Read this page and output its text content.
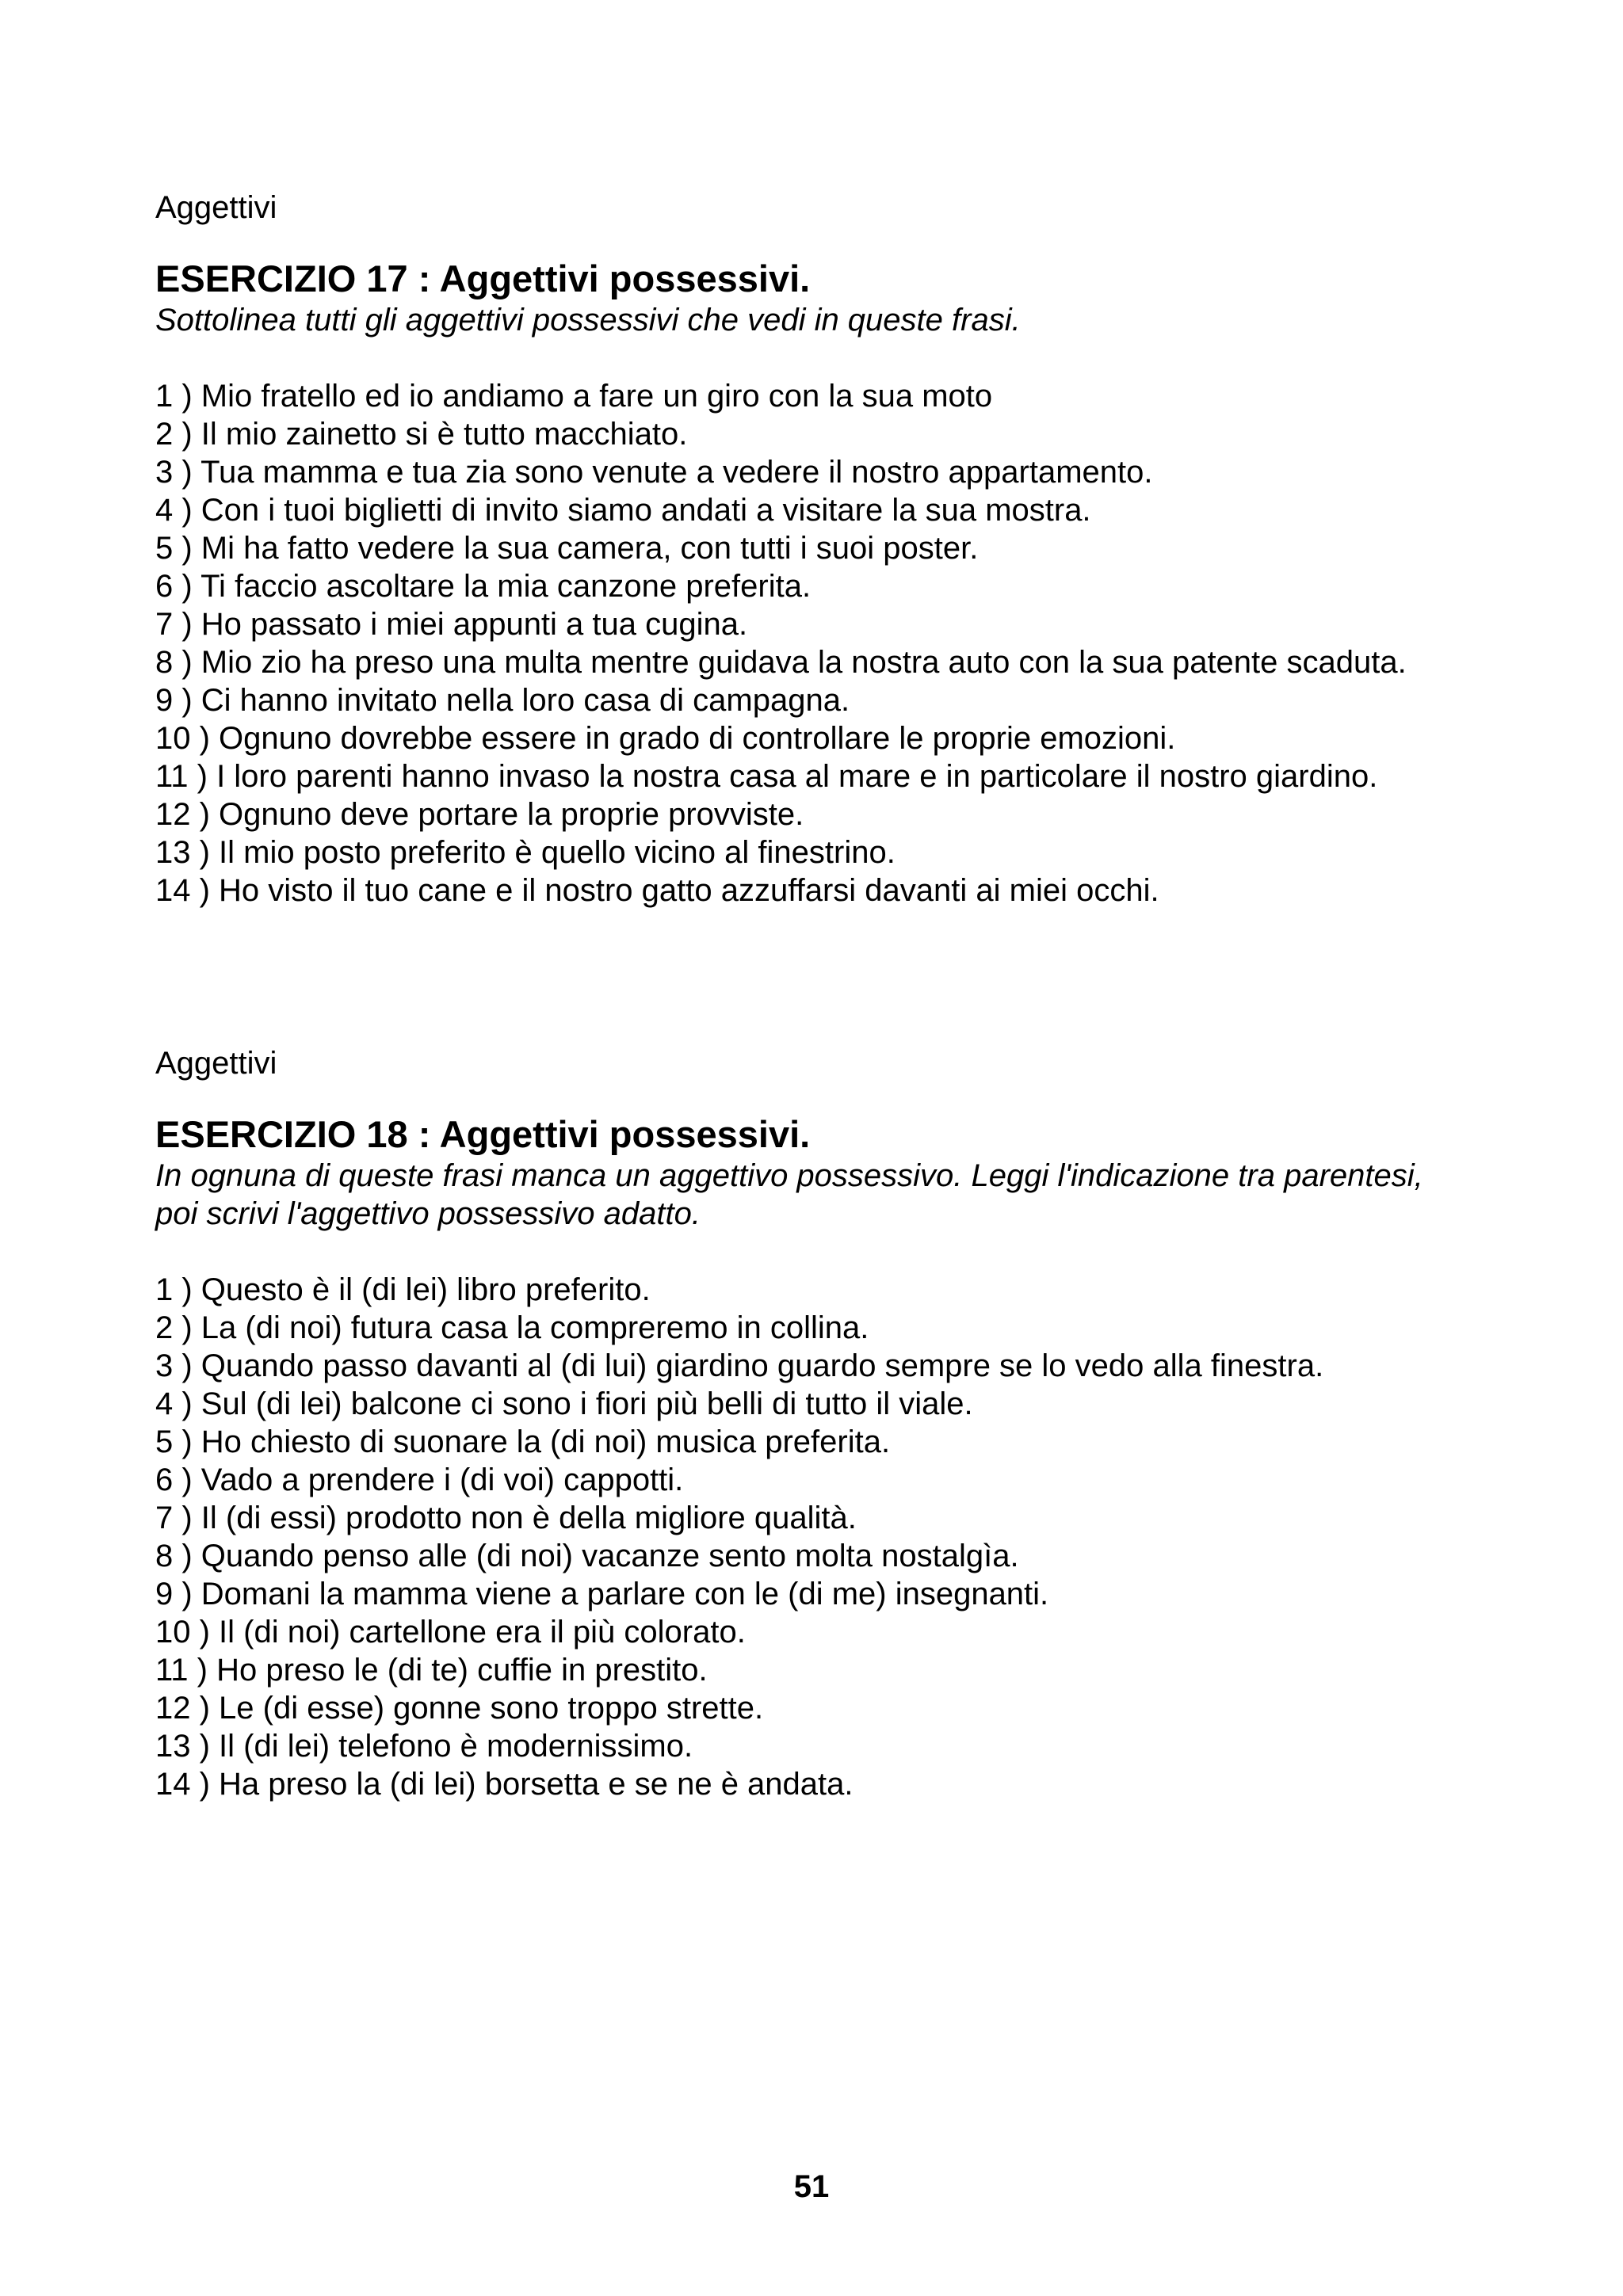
Aggettivi

ESERCIZIO 17 : Aggettivi possessivi.

Sottolinea tutti gli aggettivi possessivi che vedi in queste frasi.

1 ) Mio fratello ed io andiamo a fare un giro con la sua moto
2 ) Il mio zainetto si è tutto macchiato.
3 ) Tua mamma e tua zia sono venute a vedere il nostro appartamento.
4 ) Con i tuoi biglietti di invito siamo andati a visitare la sua mostra.
5 ) Mi ha fatto vedere la sua camera, con tutti i suoi poster.
6 ) Ti faccio ascoltare la mia canzone preferita.
7 ) Ho passato i miei appunti a tua cugina.
8 ) Mio zio ha preso una multa mentre guidava la nostra auto con la sua patente scaduta.
9 ) Ci hanno invitato nella loro casa di campagna.
10 ) Ognuno dovrebbe essere in grado di controllare le proprie emozioni.
11 ) I loro parenti hanno invaso la nostra casa al mare e in particolare il nostro giardino.
12 ) Ognuno deve portare la proprie provviste.
13 ) Il mio posto preferito è quello vicino al finestrino.
14 ) Ho visto il tuo cane e il nostro gatto azzuffarsi davanti ai miei occhi.

Aggettivi

ESERCIZIO 18 : Aggettivi possessivi.

In ognuna di queste frasi manca un aggettivo possessivo. Leggi l'indicazione tra parentesi,

poi scrivi l'aggettivo possessivo adatto.

1 ) Questo è il (di lei) libro preferito.
2 ) La (di noi) futura casa la compreremo in collina.
3 ) Quando passo davanti al (di lui) giardino guardo sempre se lo vedo alla finestra.
4 ) Sul (di lei) balcone ci sono i fiori più belli di tutto il viale.
5 ) Ho chiesto di suonare la (di noi) musica preferita.
6 ) Vado a prendere i (di voi) cappotti.
7 ) Il (di essi) prodotto non è della migliore qualità.
8 ) Quando penso alle (di noi) vacanze sento molta nostalgìa.
9 ) Domani la mamma viene a parlare con le (di me) insegnanti.
10 ) Il (di noi) cartellone era il più colorato.
11 ) Ho preso le (di te) cuffie in prestito.
12 ) Le (di esse) gonne sono troppo strette.
13 ) Il (di lei) telefono è modernissimo.
14 ) Ha preso la (di lei) borsetta e se ne è andata.
51
